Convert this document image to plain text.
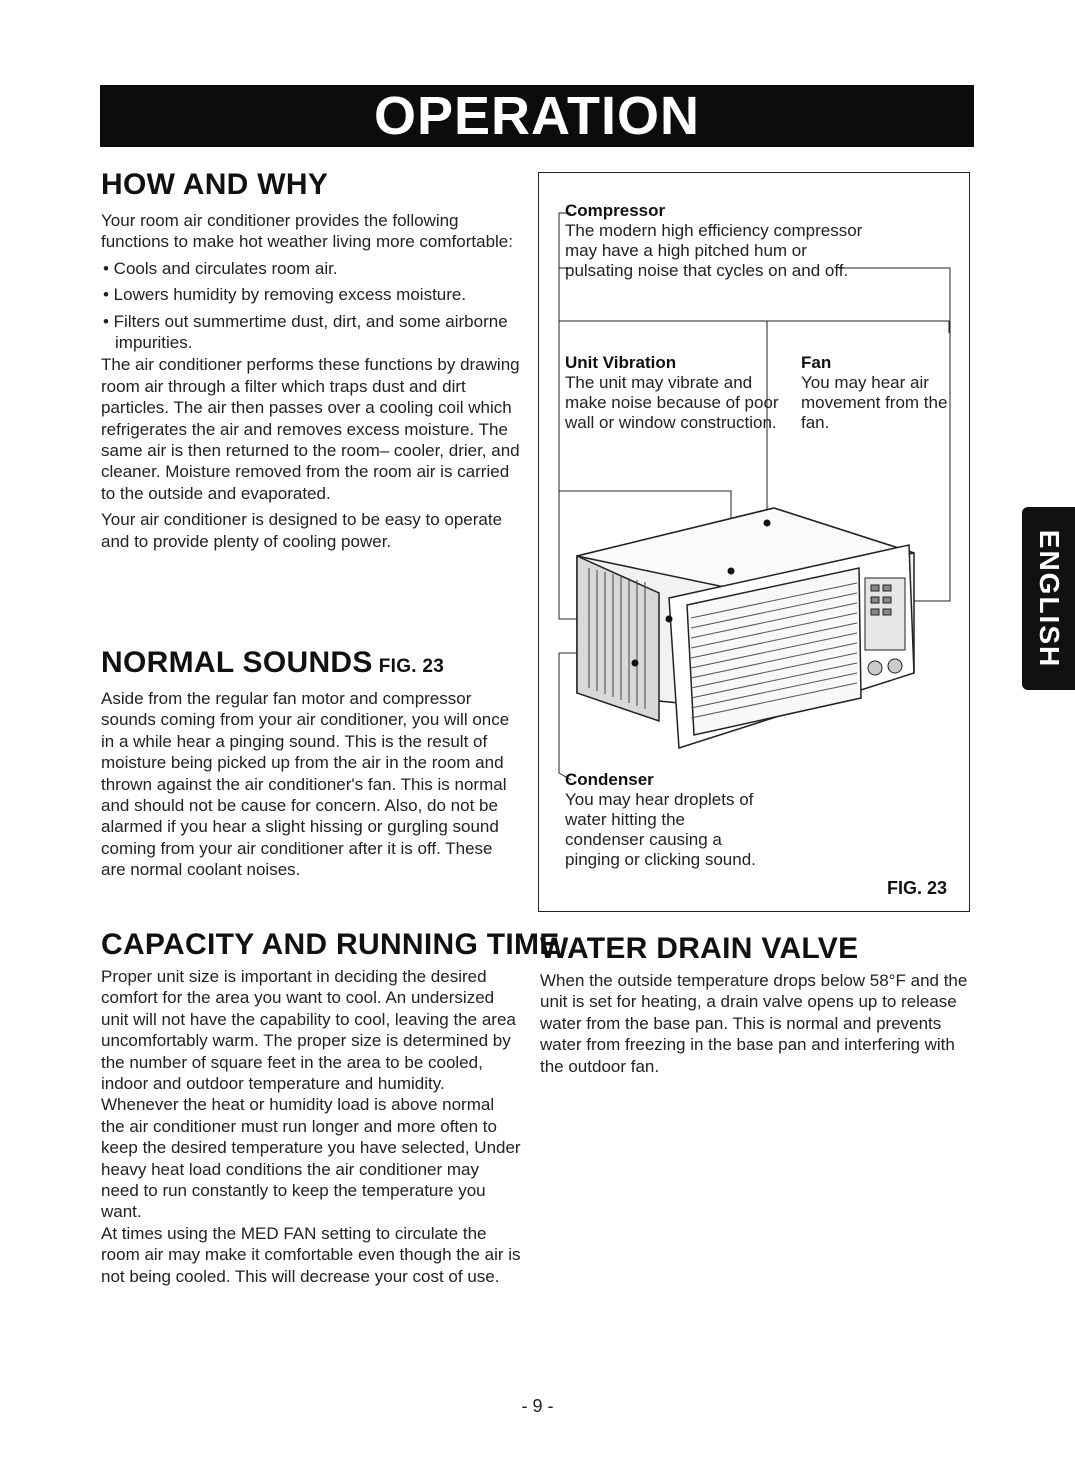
OPERATION
HOW AND WHY

Your room air conditioner provides the following functions to make hot weather living more comfortable:

• Cools and circulates room air.

• Lowers humidity by removing excess moisture.

• Filters out summertime dust, dirt, and some airborne impurities.

The air conditioner performs these functions by drawing room air through a filter which traps dust and dirt particles. The air then passes over a cooling coil which refrigerates the air and removes excess moisture. The same air is then returned to the room– cooler, drier, and cleaner. Moisture removed from the room air is carried to the outside and evaporated.

Your air conditioner is designed to be easy to operate and to provide plenty of cooling power.

NORMAL SOUNDS FIG. 23

Aside from the regular fan motor and compressor sounds coming from your air conditioner, you will once in a while hear a pinging sound. This is the result of moisture being picked up from the air in the room and thrown against the air conditioner's fan. This is normal and should not be cause for concern. Also, do not be alarmed if you hear a slight hissing or gurgling sound coming from your air conditioner after it is off. These are normal coolant noises.

CAPACITY AND RUNNING TIME

Proper unit size is important in deciding the desired comfort for the area you want to cool. An undersized unit will not have the capability to cool, leaving the area uncomfortably warm. The proper size is determined by the number of square feet in the area to be cooled, indoor and outdoor temperature and humidity.

Whenever the heat or humidity load is above normal the air conditioner must run longer and more often to keep the desired temperature you have selected, Under heavy heat load conditions the air conditioner may need to run constantly to keep the temperature you want.

At times using the MED FAN setting to circulate the room air may make it comfortable even though the air is not being cooled. This will decrease your cost of use.

WATER DRAIN VALVE

When the outside temperature drops below 58°F and the unit is set for heating, a drain valve opens up to release water from the base pan. This is normal and prevents water from freezing in the base pan and interfering with the outdoor fan.

Compressor
The modern high efficiency compressor may have a high pitched hum or pulsating noise that cycles on and off.
Unit Vibration
The unit may vibrate and make noise because of poor wall or window construction.
Fan
You may hear air movement from the fan.
Condenser
You may hear droplets of water hitting the condenser causing a pinging or clicking sound.
FIG. 23
ENGLISH
- 9 -
